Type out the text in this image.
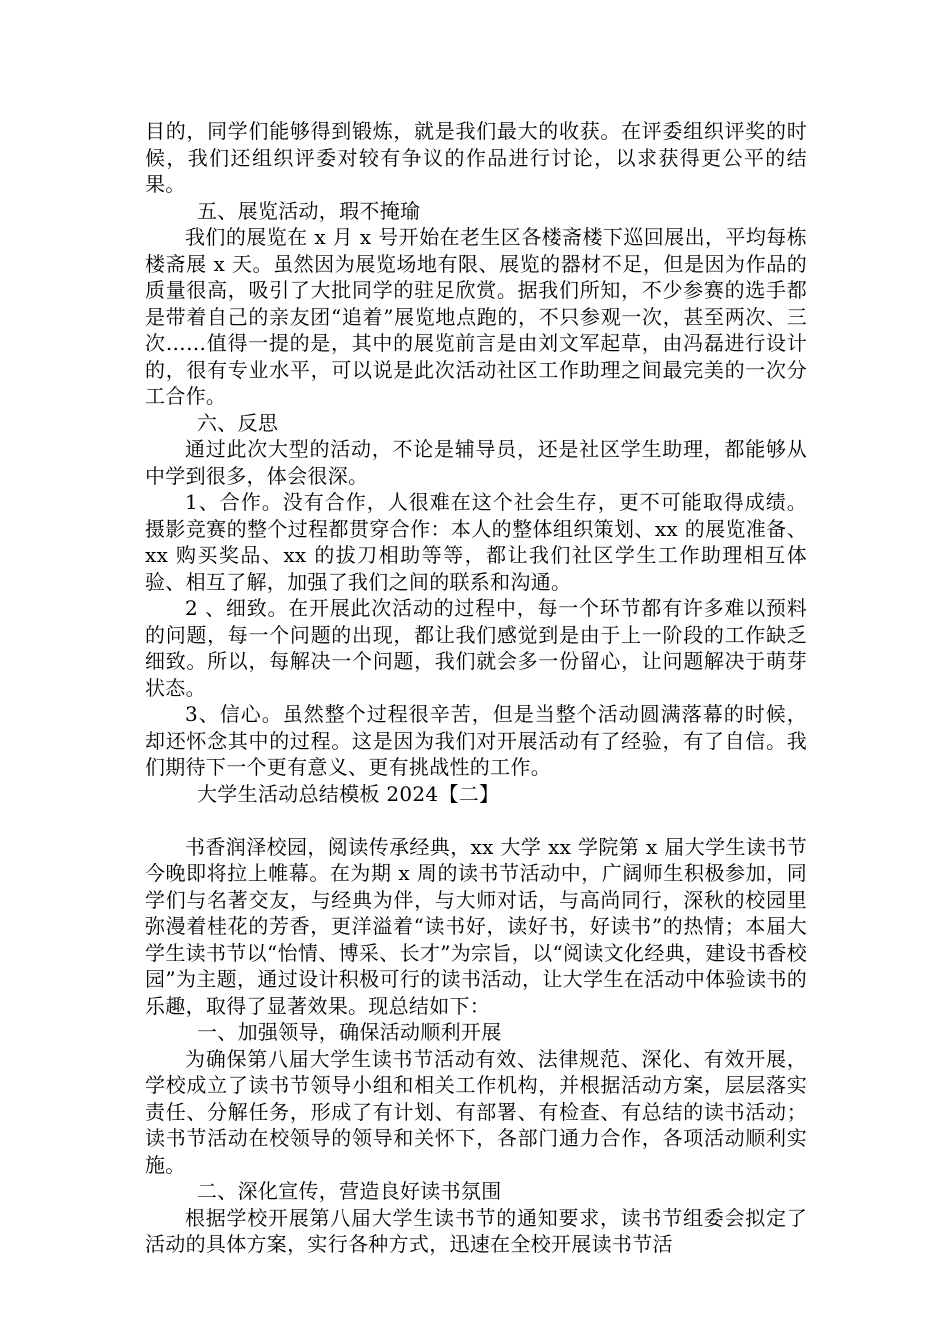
目的，同学们能够得到锻炼，就是我们最大的收获。在评委组织评奖的时候，我们还组织评委对较有争议的作品进行讨论，以求获得更公平的结果。

五、展览活动，瑕不掩瑜

我们的展览在 x 月 x 号开始在老生区各楼斋楼下巡回展出，平均每栋楼斋展 x 天。虽然因为展览场地有限、展览的器材不足，但是因为作品的质量很高，吸引了大批同学的驻足欣赏。据我们所知，不少参赛的选手都是带着自己的亲友团“追着”展览地点跑的，不只参观一次，甚至两次、三次……值得一提的是，其中的展览前言是由刘文军起草，由冯磊进行设计的，很有专业水平，可以说是此次活动社区工作助理之间最完美的一次分工合作。

六、反思

通过此次大型的活动，不论是辅导员，还是社区学生助理，都能够从中学到很多，体会很深。

1、合作。没有合作，人很难在这个社会生存，更不可能取得成绩。摄影竞赛的整个过程都贯穿合作：本人的整体组织策划、xx 的展览准备、xx 购买奖品、xx 的拔刀相助等等，都让我们社区学生工作助理相互体验、相互了解，加强了我们之间的联系和沟通。

2 、细致。在开展此次活动的过程中，每一个环节都有许多难以预料的问题，每一个问题的出现，都让我们感觉到是由于上一阶段的工作缺乏细致。所以，每解决一个问题，我们就会多一份留心，让问题解决于萌芽状态。

3、信心。虽然整个过程很辛苦，但是当整个活动圆满落幕的时候，却还怀念其中的过程。这是因为我们对开展活动有了经验，有了自信。我们期待下一个更有意义、更有挑战性的工作。

大学生活动总结模板 2024【二】

书香润泽校园，阅读传承经典，xx 大学 xx 学院第 x 届大学生读书节今晚即将拉上帷幕。在为期 x 周的读书节活动中，广阔师生积极参加，同学们与名著交友，与经典为伴，与大师对话，与高尚同行，深秋的校园里弥漫着桂花的芳香，更洋溢着“读书好，读好书，好读书”的热情；本届大学生读书节以“怡情、博采、长才”为宗旨，以“阅读文化经典，建设书香校园”为主题，通过设计积极可行的读书活动，让大学生在活动中体验读书的乐趣，取得了显著效果。现总结如下：

一、加强领导，确保活动顺利开展

为确保第八届大学生读书节活动有效、法律规范、深化、有效开展，学校成立了读书节领导小组和相关工作机构，并根据活动方案，层层落实责任、分解任务，形成了有计划、有部署、有检查、有总结的读书活动；读书节活动在校领导的领导和关怀下，各部门通力合作，各项活动顺利实施。

二、深化宣传，营造良好读书氛围

根据学校开展第八届大学生读书节的通知要求，读书节组委会拟定了活动的具体方案，实行各种方式，迅速在全校开展读书节活
